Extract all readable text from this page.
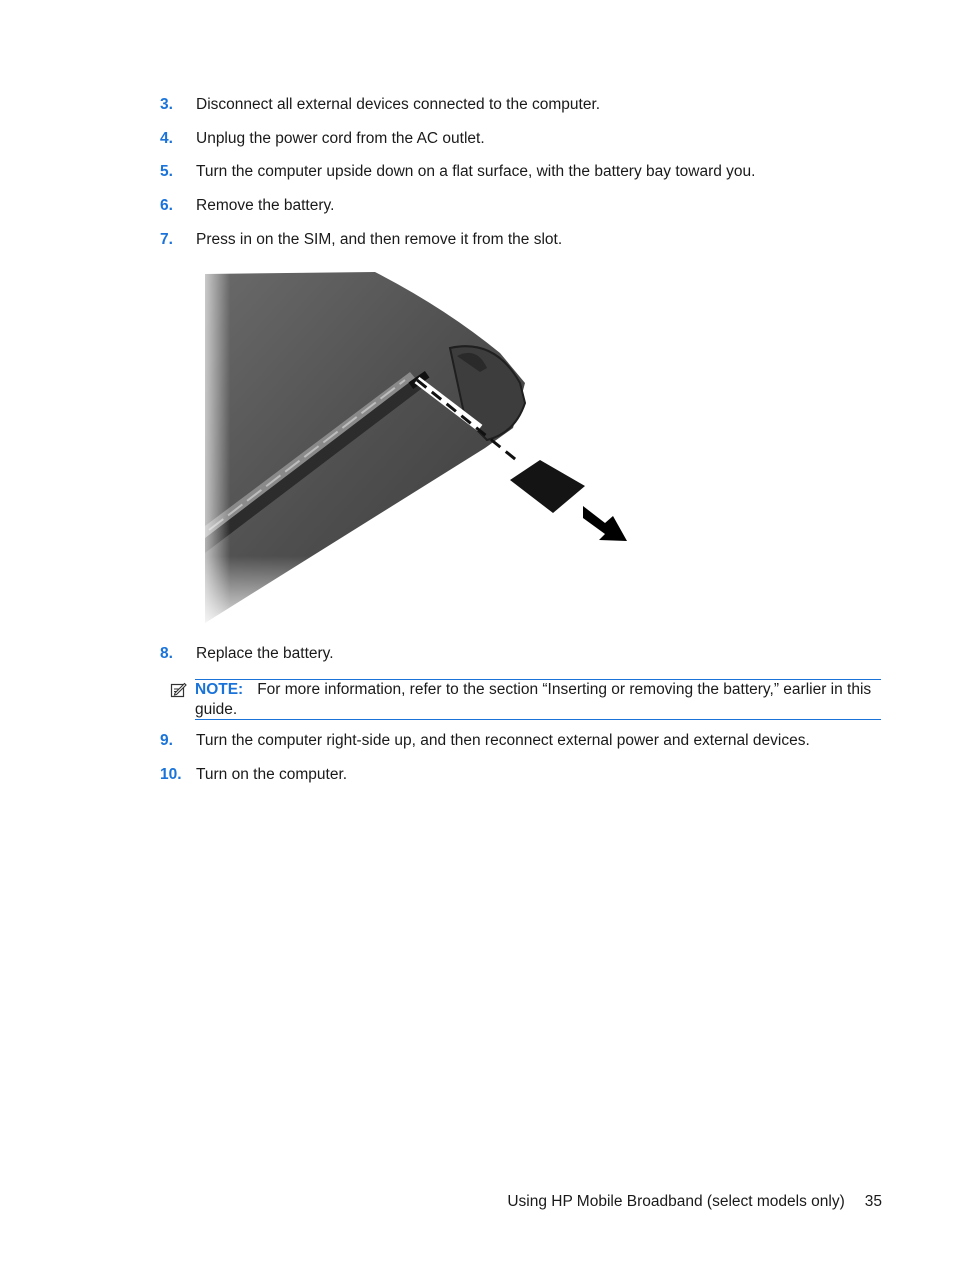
3. Disconnect all external devices connected to the computer.
4. Unplug the power cord from the AC outlet.
5. Turn the computer upside down on a flat surface, with the battery bay toward you.
6. Remove the battery.
7. Press in on the SIM, and then remove it from the slot.
8. Replace the battery.
NOTE: For more information, refer to the section “Inserting or removing the battery,” earlier in this guide.
9. Turn the computer right-side up, and then reconnect external power and external devices.
10. Turn on the computer.
Using HP Mobile Broadband (select models only) 35
